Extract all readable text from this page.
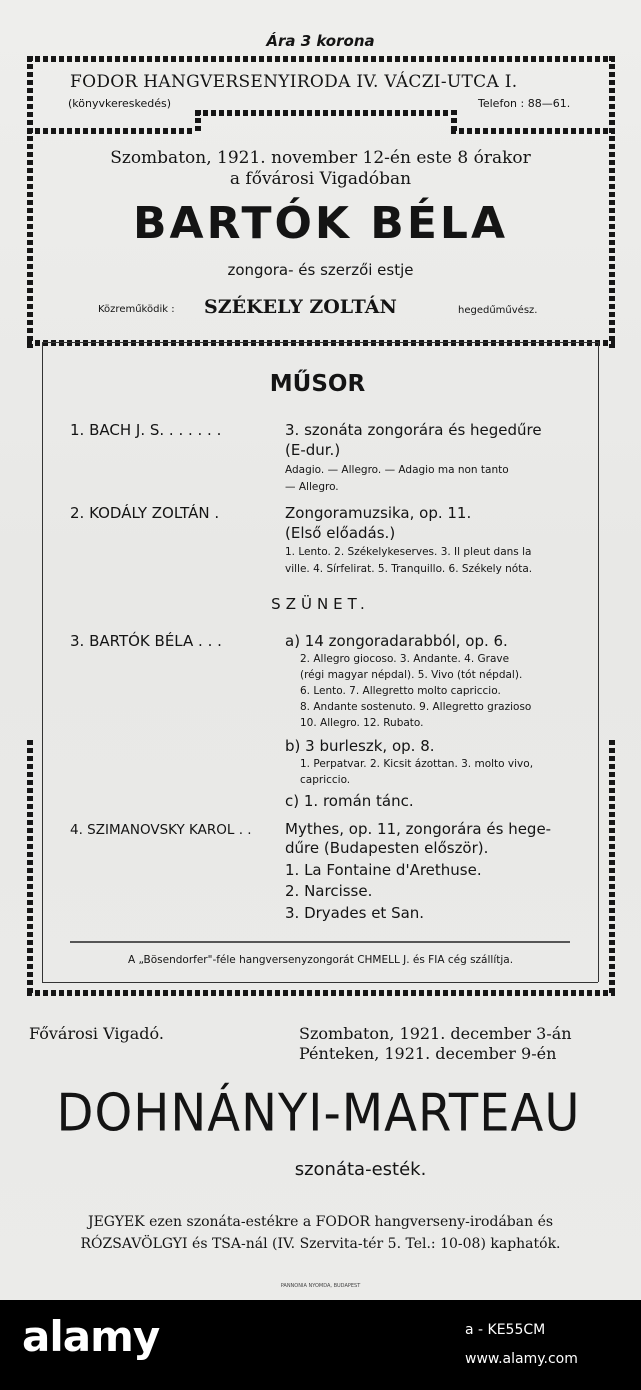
Ára 3 korona
FODOR HANGVERSENYIRODA IV. VÁCZI-UTCA I.
(könyvkereskedés)	Telefon : 88—61.
Szombaton, 1921. november 12-én este 8 órakor
a fővárosi Vigadóban
BARTÓK BÉLA
zongora- és szerzői estje
Közreműködik : SZÉKELY ZOLTÁN	hegedűművész.
MŰSOR
1. BACH J. S. . . . . . .	3. szonáta zongorára és hegedűre
(E-dur.)
Adagio. — Allegro. — Adagio ma non tanto
— Allegro.
2. KODÁLY ZOLTÁN .	Zongoramuzsika, op. 11.
(Első előadás.)
1. Lento. 2. Székelykeserves. 3. Il pleut dans la
ville. 4. Sírfelirat. 5. Tranquillo. 6. Székely nóta.
SZÜNET.
3. BARTÓK BÉLA . . .	a) 14 zongoradarabból, op. 6.
2. Allegro giocoso. 3. Andante. 4. Grave
(régi magyar népdal). 5. Vivo (tót népdal).
6. Lento. 7. Allegretto molto capriccio.
8. Andante sostenuto. 9. Allegretto grazioso
10. Allegro. 12. Rubato.
b) 3 burleszk, op. 8.
1. Perpatvar. 2. Kicsit ázottan. 3. molto vivo,
capriccio.
c) 1. román tánc.
4. SZIMANOVSKY KAROL . . Mythes, op. 11, zongorára és hege-
dűre (Budapesten először).
1. La Fontaine d'Arethuse.
2. Narcisse.
3. Dryades et San.
A „Bösendorfer"-féle hangversenyzongorát CHMELL J. és FIA cég szállítja.
Fővárosi Vigadó.	Szombaton, 1921. december 3-án
Pénteken, 1921. december 9-én
DOHNÁNYI-MARTEAU
szonáta-esték.
JEGYEK ezen szonáta-estékre a FODOR hangverseny-irodában és
RÓZSAVÖLGYI és TSA-nál (IV. Szervita-tér 5. Tel.: 10-08) kaphatók.
PANNONIA NYOMDA, BUDAPEST
alamy	a - KE55CM
www.alamy.com
